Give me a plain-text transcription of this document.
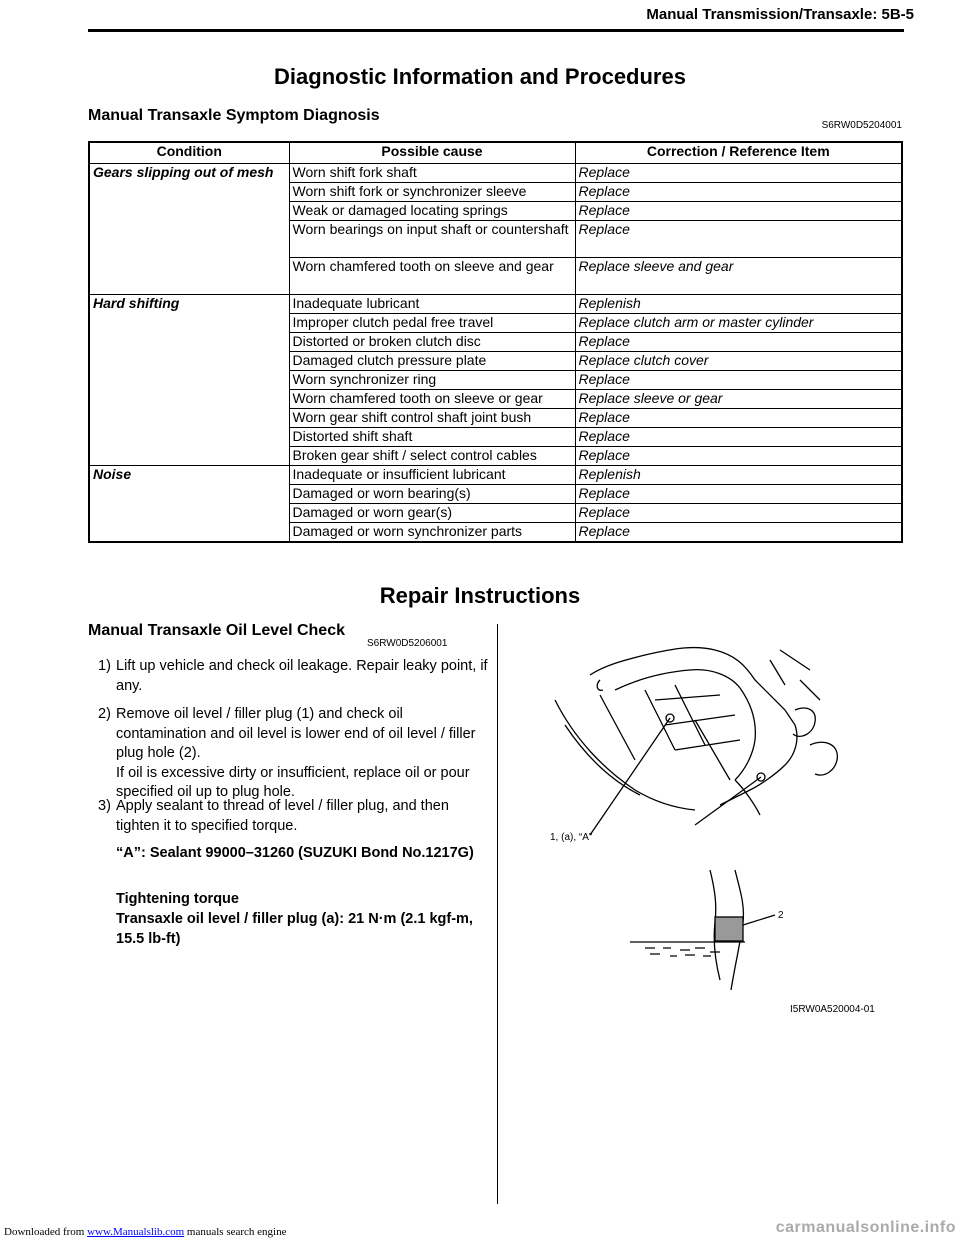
Manual Transmission/Transaxle: 5B-5
Diagnostic Information and Procedures
Manual Transaxle Symptom Diagnosis
S6RW0D5204001
Condition	Possible cause	Correction / Reference Item
Gears slipping out of mesh	Worn shift fork shaft	Replace
	Worn shift fork or synchronizer sleeve	Replace
	Weak or damaged locating springs	Replace
	Worn bearings on input shaft or countershaft	Replace
	Worn chamfered tooth on sleeve and gear	Replace sleeve and gear
Hard shifting	Inadequate lubricant	Replenish
	Improper clutch pedal free travel	Replace clutch arm or master cylinder
	Distorted or broken clutch disc	Replace
	Damaged clutch pressure plate	Replace clutch cover
	Worn synchronizer ring	Replace
	Worn chamfered tooth on sleeve or gear	Replace sleeve or gear
	Worn gear shift control shaft joint bush	Replace
	Distorted shift shaft	Replace
	Broken gear shift / select control cables	Replace
Noise	Inadequate or insufficient lubricant	Replenish
	Damaged or worn bearing(s)	Replace
	Damaged or worn gear(s)	Replace
	Damaged or worn synchronizer parts	Replace
Repair Instructions
Manual Transaxle Oil Level Check
S6RW0D5206001
1) Lift up vehicle and check oil leakage. Repair leaky point, if any.
2) Remove oil level / filler plug (1) and check oil contamination and oil level is lower end of oil level / filler plug hole (2).
If oil is excessive dirty or insufficient, replace oil or pour specified oil up to plug hole.
3) Apply sealant to thread of level / filler plug, and then tighten it to specified torque.
“A”: Sealant 99000–31260 (SUZUKI Bond No.1217G)
Tightening torque
Transaxle oil level / filler plug (a): 21 N·m (2.1 kgf-m, 15.5 lb-ft)
1, (a), “A”
2
I5RW0A520004-01
Downloaded from www.Manualslib.com manuals search engine	carmanualsonline.info
